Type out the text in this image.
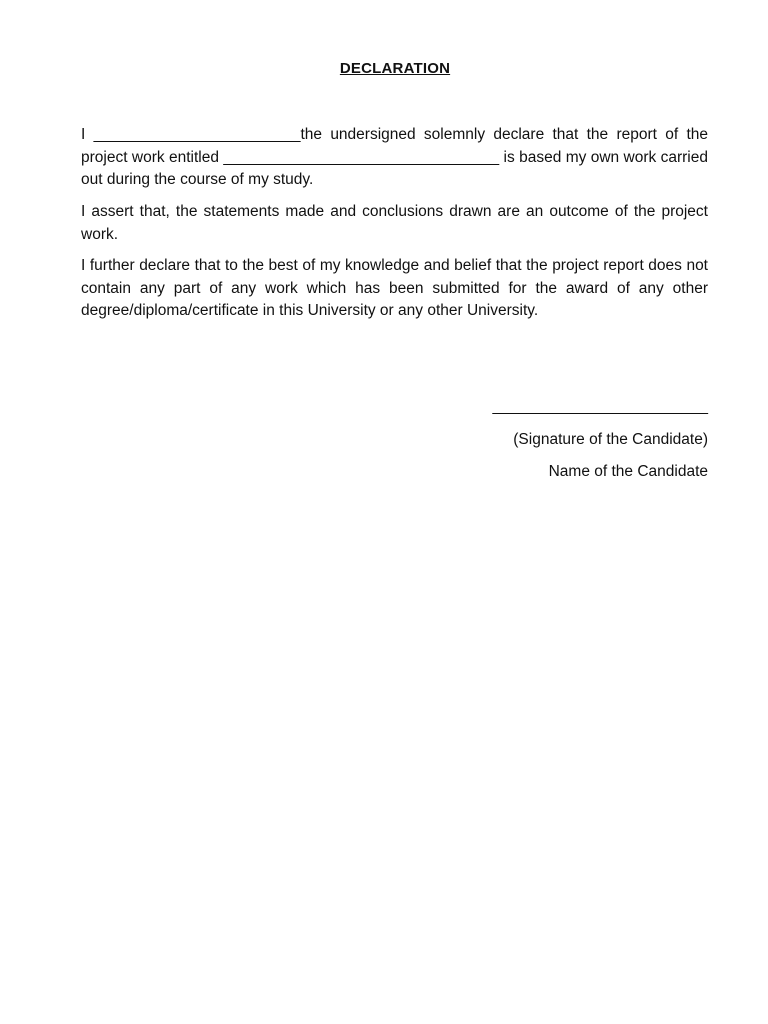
DECLARATION
I ________________________the undersigned solemnly declare that the report of the project work entitled ________________________________ is based my own work carried out during the course of my study.
I assert that, the statements made and conclusions drawn are an outcome of the project work.
I further declare that to the best of my knowledge and belief that the project report does not contain any part of any work which has been submitted for the award of any other degree/diploma/certificate in this University or any other University.
_________________________
(Signature of the Candidate)
Name of the Candidate
